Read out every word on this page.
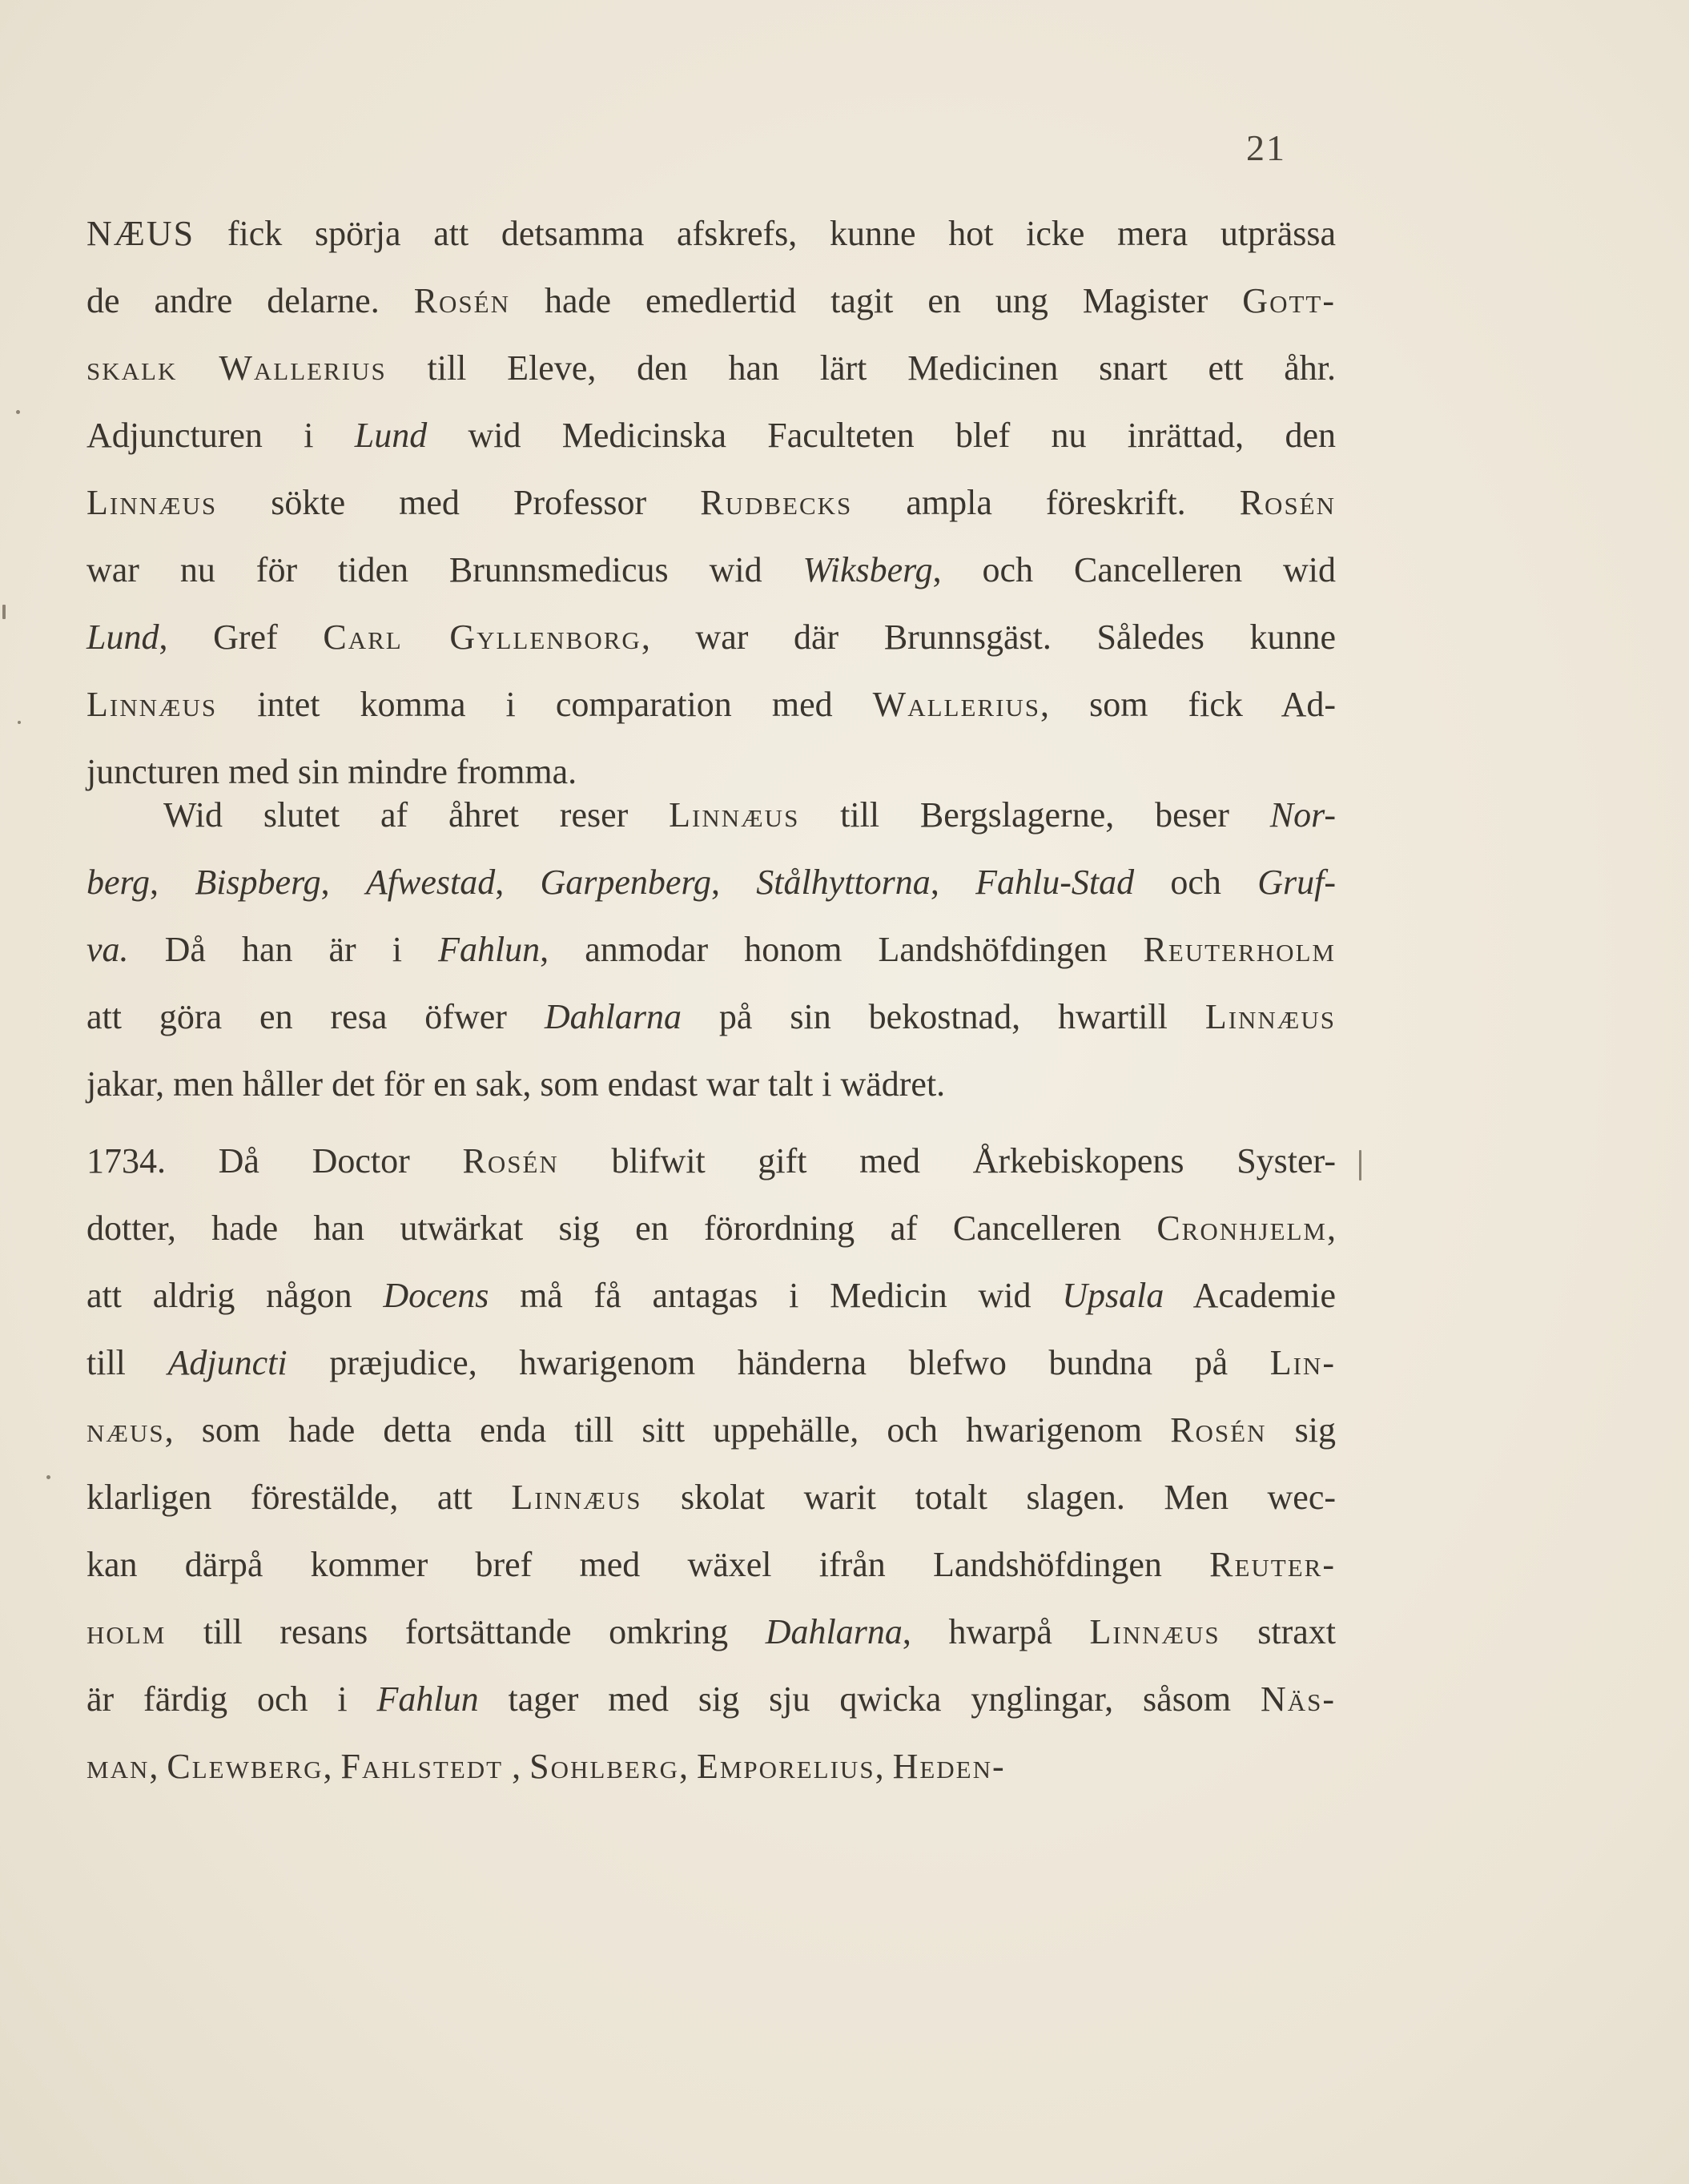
21
NÆUS fick spörja att detsamma afskrefs, kunne hot icke mera utprässa
de andre delarne. Rosén hade emedlertid tagit en ung Magister Gott-
skalk Wallerius till Eleve, den han lärt Medicinen snart ett åhr.
Adjuncturen i Lund wid Medicinska Faculteten blef nu inrättad, den
Linnæus sökte med Professor Rudbecks ampla föreskrift. Rosén
war nu för tiden Brunnsmedicus wid Wiksberg, och Cancelleren wid
Lund, Gref Carl Gyllenborg, war där Brunnsgäst. Således kunne
Linnæus intet komma i comparation med Wallerius, som fick Ad-
juncturen med sin mindre fromma.
Wid slutet af åhret reser Linnæus till Bergslagerne, beser Nor-
berg, Bispberg, Afwestad, Garpenberg, Stålhyttorna, Fahlu-Stad och Gruf-
va. Då han är i Fahlun, anmodar honom Landshöfdingen Reuterholm
att göra en resa öfwer Dahlarna på sin bekostnad, hwartill Linnæus
jakar, men håller det för en sak, som endast war talt i wädret.
1734. Då Doctor Rosén blifwit gift med Årkebiskopens Syster-
dotter, hade han utwärkat sig en förordning af Cancelleren Cronhjelm,
att aldrig någon Docens må få antagas i Medicin wid Upsala Academie
till Adjuncti præjudice, hwarigenom händerna blefwo bundna på Lin-
næus, som hade detta enda till sitt uppehälle, och hwarigenom Rosén sig
klarligen förestälde, att Linnæus skolat warit totalt slagen. Men wec-
kan därpå kommer bref med wäxel ifrån Landshöfdingen Reuter-
holm till resans fortsättande omkring Dahlarna, hwarpå Linnæus straxt
är färdig och i Fahlun tager med sig sju qwicka ynglingar, såsom Näs-
man, Clewberg, Fahlstedt , Sohlberg, Emporelius, Heden-
